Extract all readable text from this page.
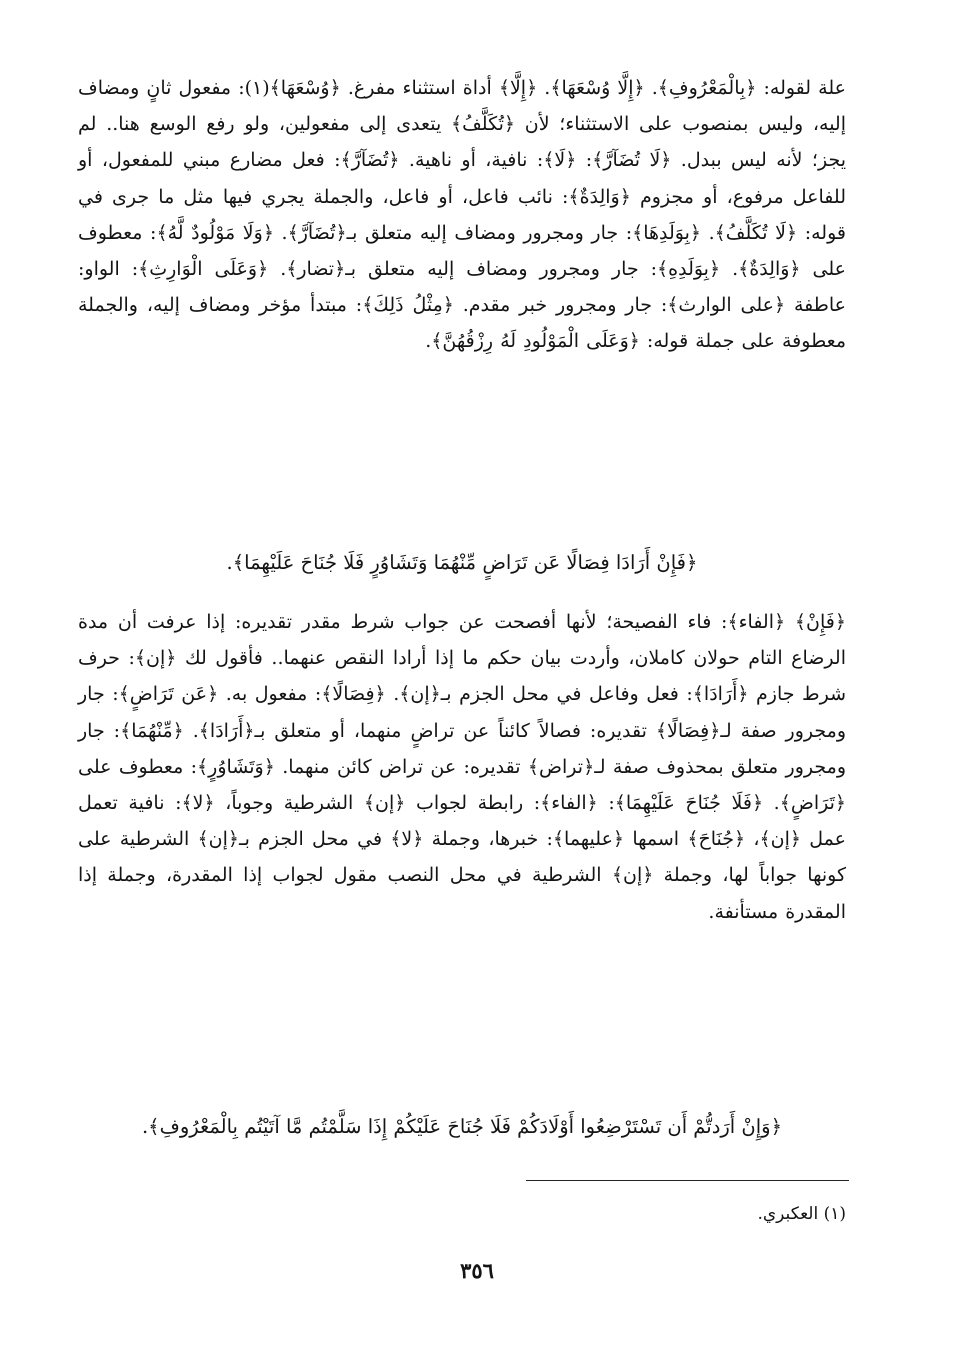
علة لقوله: ﴿بِالْمَعْرُوفِ﴾. ﴿إِلَّا وُسْعَهَا﴾. ﴿إِلَّا﴾ أداة استثناء مفرغ. ﴿وُسْعَهَا﴾(١): مفعول ثانٍ ومضاف إليه، وليس بمنصوب على الاستثناء؛ لأن ﴿تُكَلَّفُ﴾ يتعدى إلى مفعولين، ولو رفع الوسع هنا.. لم يجز؛ لأنه ليس ببدل. ﴿لَا تُضَآرَّ﴾: ﴿لَا﴾: نافية، أو ناهية. ﴿تُضَآرَّ﴾: فعل مضارع مبني للمفعول، أو للفاعل مرفوع، أو مجزوم ﴿وَالِدَةٌ﴾: نائب فاعل، أو فاعل، والجملة يجري فيها مثل ما جرى في قوله: ﴿لَا تُكَلَّفُ﴾. ﴿بِوَلَدِهَا﴾: جار ومجرور ومضاف إليه متعلق بـ﴿تُضَآرَّ﴾. ﴿وَلَا مَوْلُودٌ لَّهُ﴾: معطوف على ﴿وَالِدَةٌ﴾. ﴿بِوَلَدِهِ﴾: جار ومجرور ومضاف إليه متعلق بـ﴿تضار﴾. ﴿وَعَلَى الْوَارِثِ﴾: الواو: عاطفة ﴿على الوارث﴾: جار ومجرور خبر مقدم. ﴿مِثْلُ ذَلِكَ﴾: مبتدأ مؤخر ومضاف إليه، والجملة معطوفة على جملة قوله: ﴿وَعَلَى الْمَوْلُودِ لَهُ رِزْقُهُنَّ﴾.
﴿فَإِنْ أَرَادَا فِصَالًا عَن تَرَاضٍ مِّنْهُمَا وَتَشَاوُرٍ فَلَا جُنَاحَ عَلَيْهِمَا﴾.
﴿فَإِنْ﴾ ﴿الفاء﴾: فاء الفصيحة؛ لأنها أفصحت عن جواب شرط مقدر تقديره: إذا عرفت أن مدة الرضاع التام حولان كاملان، وأردت بيان حكم ما إذا أرادا النقص عنهما.. فأقول لك ﴿إن﴾: حرف شرط جازم ﴿أَرَادَا﴾: فعل وفاعل في محل الجزم بـ﴿إن﴾. ﴿فِصَالًا﴾: مفعول به. ﴿عَن تَرَاضٍ﴾: جار ومجرور صفة لـ﴿فِصَالًا﴾ تقديره: فصالاً كائناً عن تراضٍ منهما، أو متعلق بـ﴿أَرَادَا﴾. ﴿مِّنْهُمَا﴾: جار ومجرور متعلق بمحذوف صفة لـ﴿تراض﴾ تقديره: عن تراض كائن منهما. ﴿وَتَشَاوُرٍ﴾: معطوف على ﴿تَرَاضٍ﴾. ﴿فَلَا جُنَاحَ عَلَيْهِمَا﴾: ﴿الفاء﴾: رابطة لجواب ﴿إن﴾ الشرطية وجوباً، ﴿لا﴾: نافية تعمل عمل ﴿إن﴾، ﴿جُنَاحَ﴾ اسمها ﴿عليهما﴾: خبرها، وجملة ﴿لا﴾ في محل الجزم بـ﴿إن﴾ الشرطية على كونها جواباً لها، وجملة ﴿إن﴾ الشرطية في محل النصب مقول لجواب إذا المقدرة، وجملة إذا المقدرة مستأنفة.
﴿وَإِنْ أَرَدتُّمْ أَن تَسْتَرْضِعُوا أَوْلَادَكُمْ فَلَا جُنَاحَ عَلَيْكُمْ إِذَا سَلَّمْتُم مَّا آتَيْتُم بِالْمَعْرُوفِ﴾.
(١) العكبري.
٣٥٦
